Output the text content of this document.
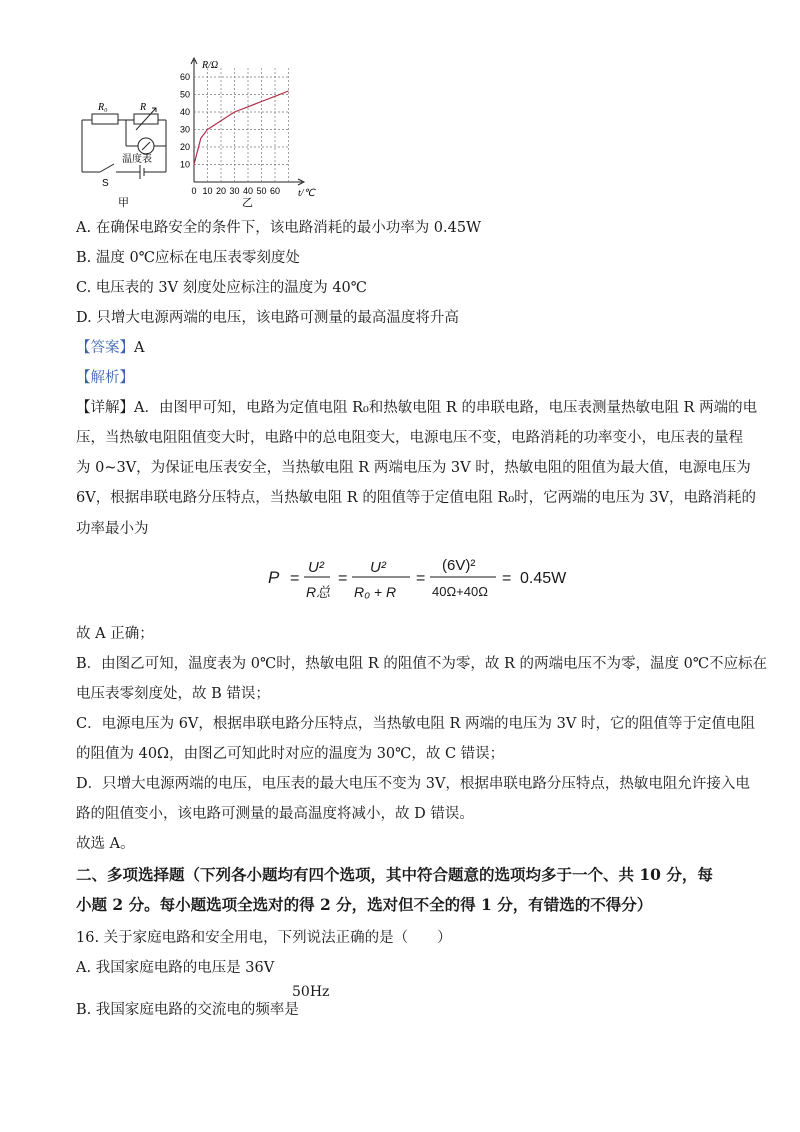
R₀	R
温度表
S
甲
60
50
40
30
20
10
0 10 20 30 40 50 60
R/Ω
t/℃
乙
A. 在确保电路安全的条件下，该电路消耗的最小功率为 0.45W
B. 温度 0℃应标在电压表零刻度处
C. 电压表的 3V 刻度处应标注的温度为 40℃
D. 只增大电源两端的电压，该电路可测量的最高温度将升高
【答案】A
【解析】
【详解】A．由图甲可知，电路为定值电阻 R₀和热敏电阻 R 的串联电路，电压表测量热敏电阻 R 两端的电
压，当热敏电阻阻值变大时，电路中的总电阻变大，电源电压不变，电路消耗的功率变小，电压表的量程
为 0~3V，为保证电压表安全，当热敏电阻 R 两端电压为 3V 时，热敏电阻的阻值为最大值，电源电压为
6V，根据串联电路分压特点，当热敏电阻 R 的阻值等于定值电阻 R₀时，它两端的电压为 3V，电路消耗的
功率最小为
P =
U²
R总
=
U²
R₀ + R
=
(6V)²
40Ω+40Ω
= 0.45W
故 A 正确；
B．由图乙可知，温度表为 0℃时，热敏电阻 R 的阻值不为零，故 R 的两端电压不为零，温度 0℃不应标在
电压表零刻度处，故 B 错误；
C．电源电压为 6V，根据串联电路分压特点，当热敏电阻 R 两端的电压为 3V 时，它的阻值等于定值电阻
的阻值为 40Ω，由图乙可知此时对应的温度为 30℃，故 C 错误；
D．只增大电源两端的电压，电压表的最大电压不变为 3V，根据串联电路分压特点，热敏电阻允许接入电
路的阻值变小，该电路可测量的最高温度将减小，故 D 错误。
故选 A。
二、多项选择题（下列各小题均有四个选项，其中符合题意的选项均多于一个、共 10 分，每
小题 2 分。每小题选项全选对的得 2 分，选对但不全的得 1 分，有错选的不得分）
16. 关于家庭电路和安全用电，下列说法正确的是（　　）
A. 我国家庭电路的电压是 36V
B. 我国家庭电路的交流电的频率是
50Hz
